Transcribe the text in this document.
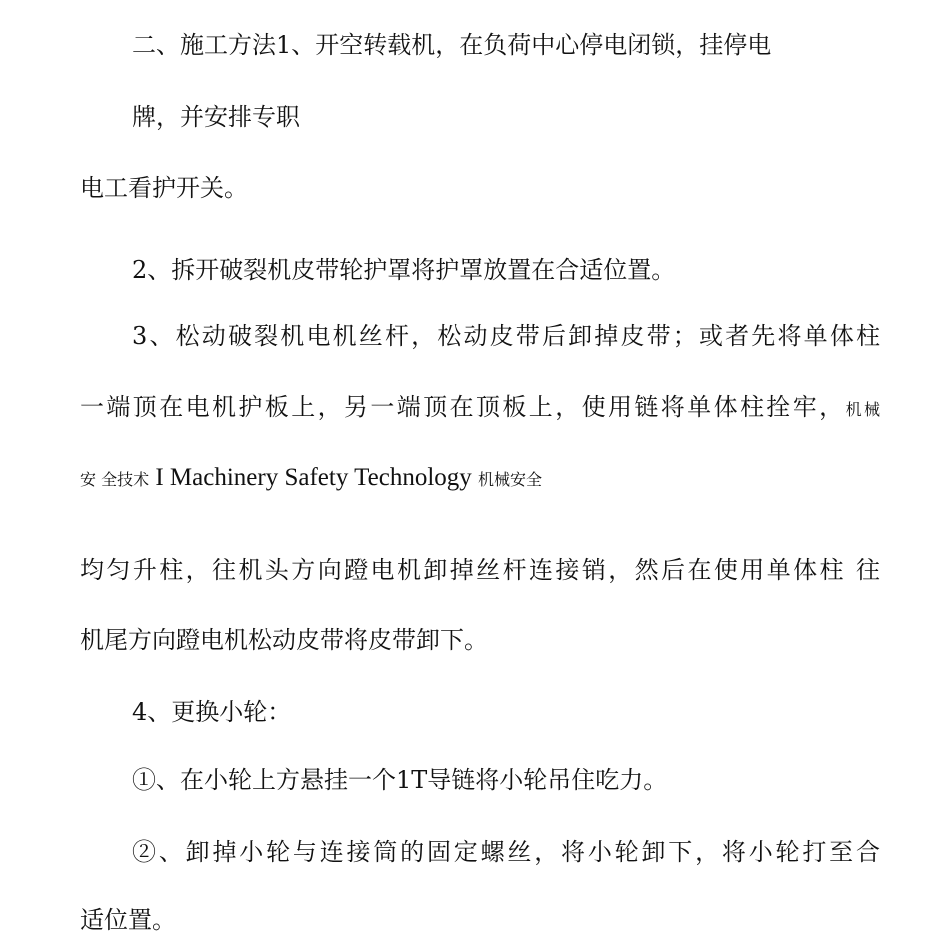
二、施工方法1、开空转载机，在负荷中心停电闭锁，挂停电
牌，并安排专职
电工看护开关。
2、拆开破裂机皮带轮护罩将护罩放置在合适位置。
3、松动破裂机电机丝杆，松动皮带后卸掉皮带；或者先将单体柱
一端顶在电机护板上，另一端顶在顶板上，使用链将单体柱拴牢，机械
安 全技术 I Machinery Safety Technology 机械安全
均匀升柱，往机头方向蹬电机卸掉丝杆连接销，然后在使用单体柱 往
机尾方向蹬电机松动皮带将皮带卸下。
4、更换小轮：
①、在小轮上方悬挂一个1T导链将小轮吊住吃力。
②、卸掉小轮与连接筒的固定螺丝，将小轮卸下，将小轮打至合
适位置。
